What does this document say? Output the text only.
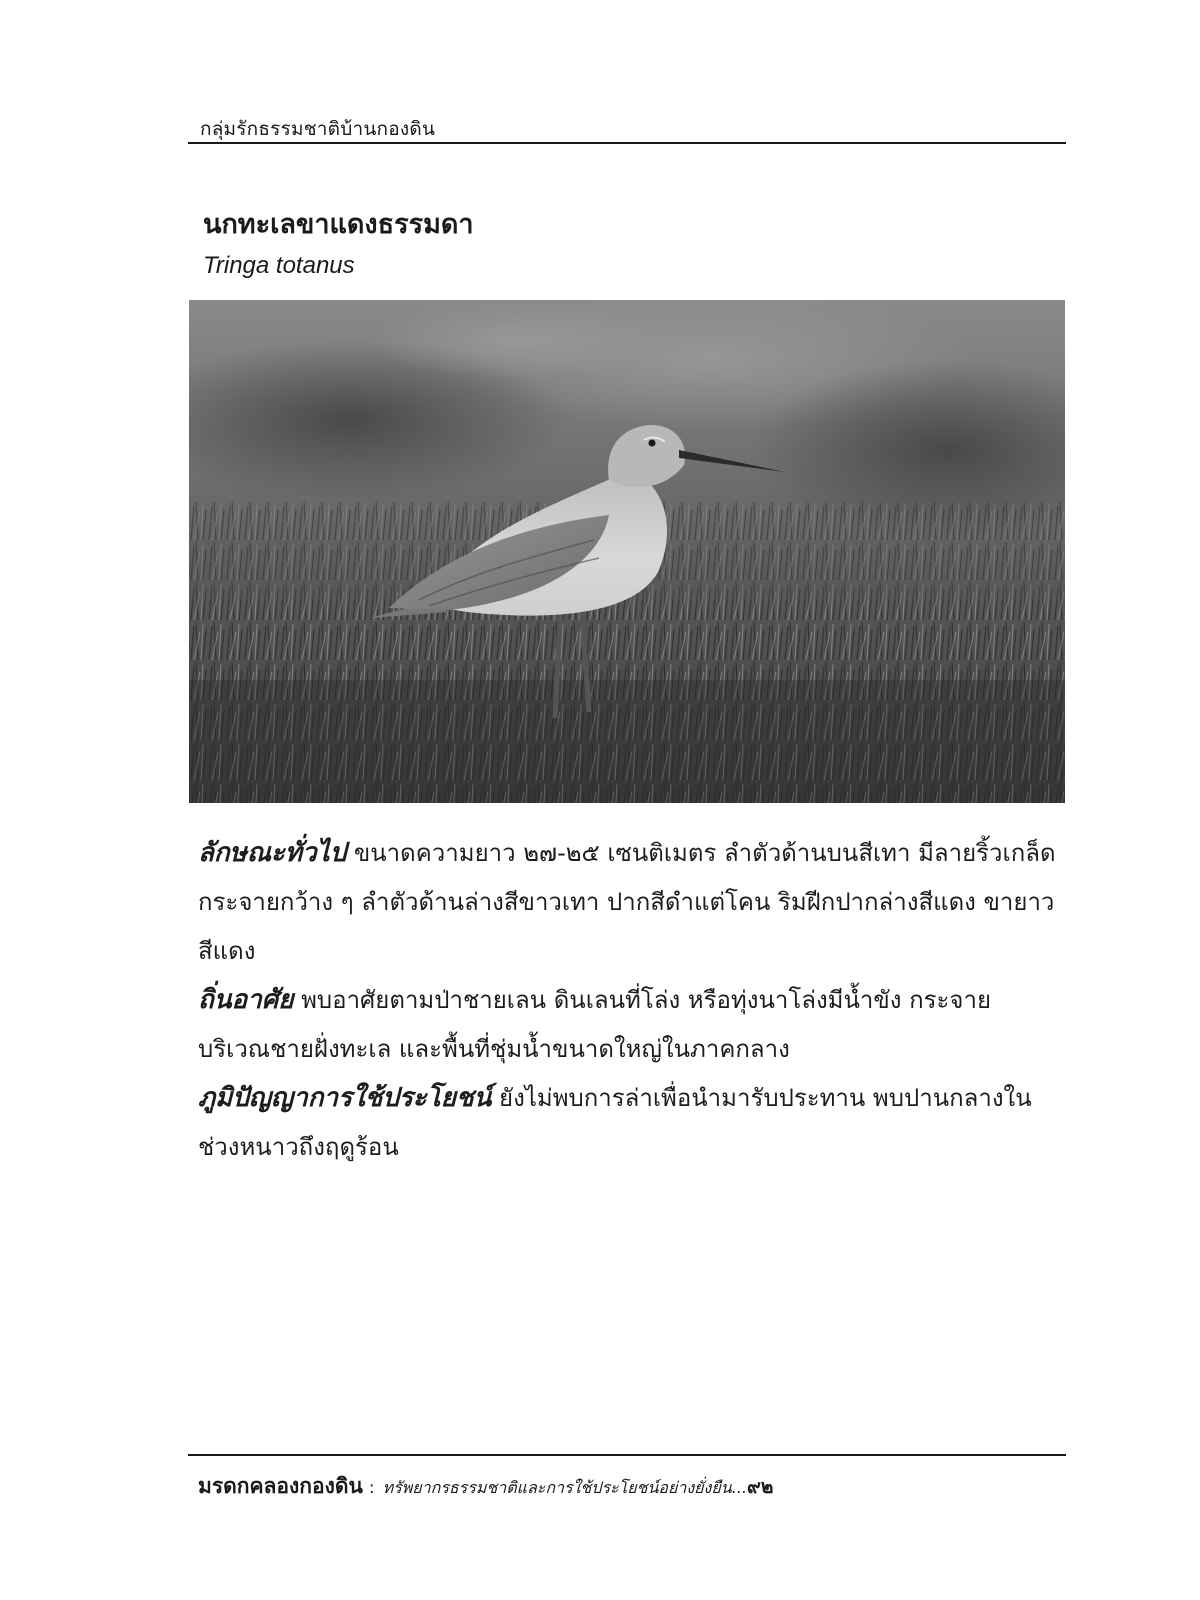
กลุ่มรักธรรมชาติบ้านกองดิน
นกทะเลขาแดงธรรมดา
Tringa totanus

ลักษณะทั่วไป ขนาดความยาว ๒๗-๒๕ เซนติเมตร ลำตัวด้านบนสีเทา มีลายริ้วเกล็ดกระจายกว้าง ๆ ลำตัวด้านล่างสีขาวเทา ปากสีดำแต่โคน ริมฝีกปากล่างสีแดง ขายาวสีแดง

ถิ่นอาศัย พบอาศัยตามป่าชายเลน ดินเลนที่โล่ง หรือทุ่งนาโล่งมีน้ำขัง กระจายบริเวณชายฝั่งทะเล และพื้นที่ชุ่มน้ำขนาดใหญ่ในภาคกลาง

ภูมิปัญญาการใช้ประโยชน์ ยังไม่พบการล่าเพื่อนำมารับประทาน พบปานกลางในช่วงหนาวถึงฤดูร้อน

มรดกคลองกองดิน : ทรัพยากรธรรมชาติและการใช้ประโยชน์อย่างยั่งยืน...๙๒
